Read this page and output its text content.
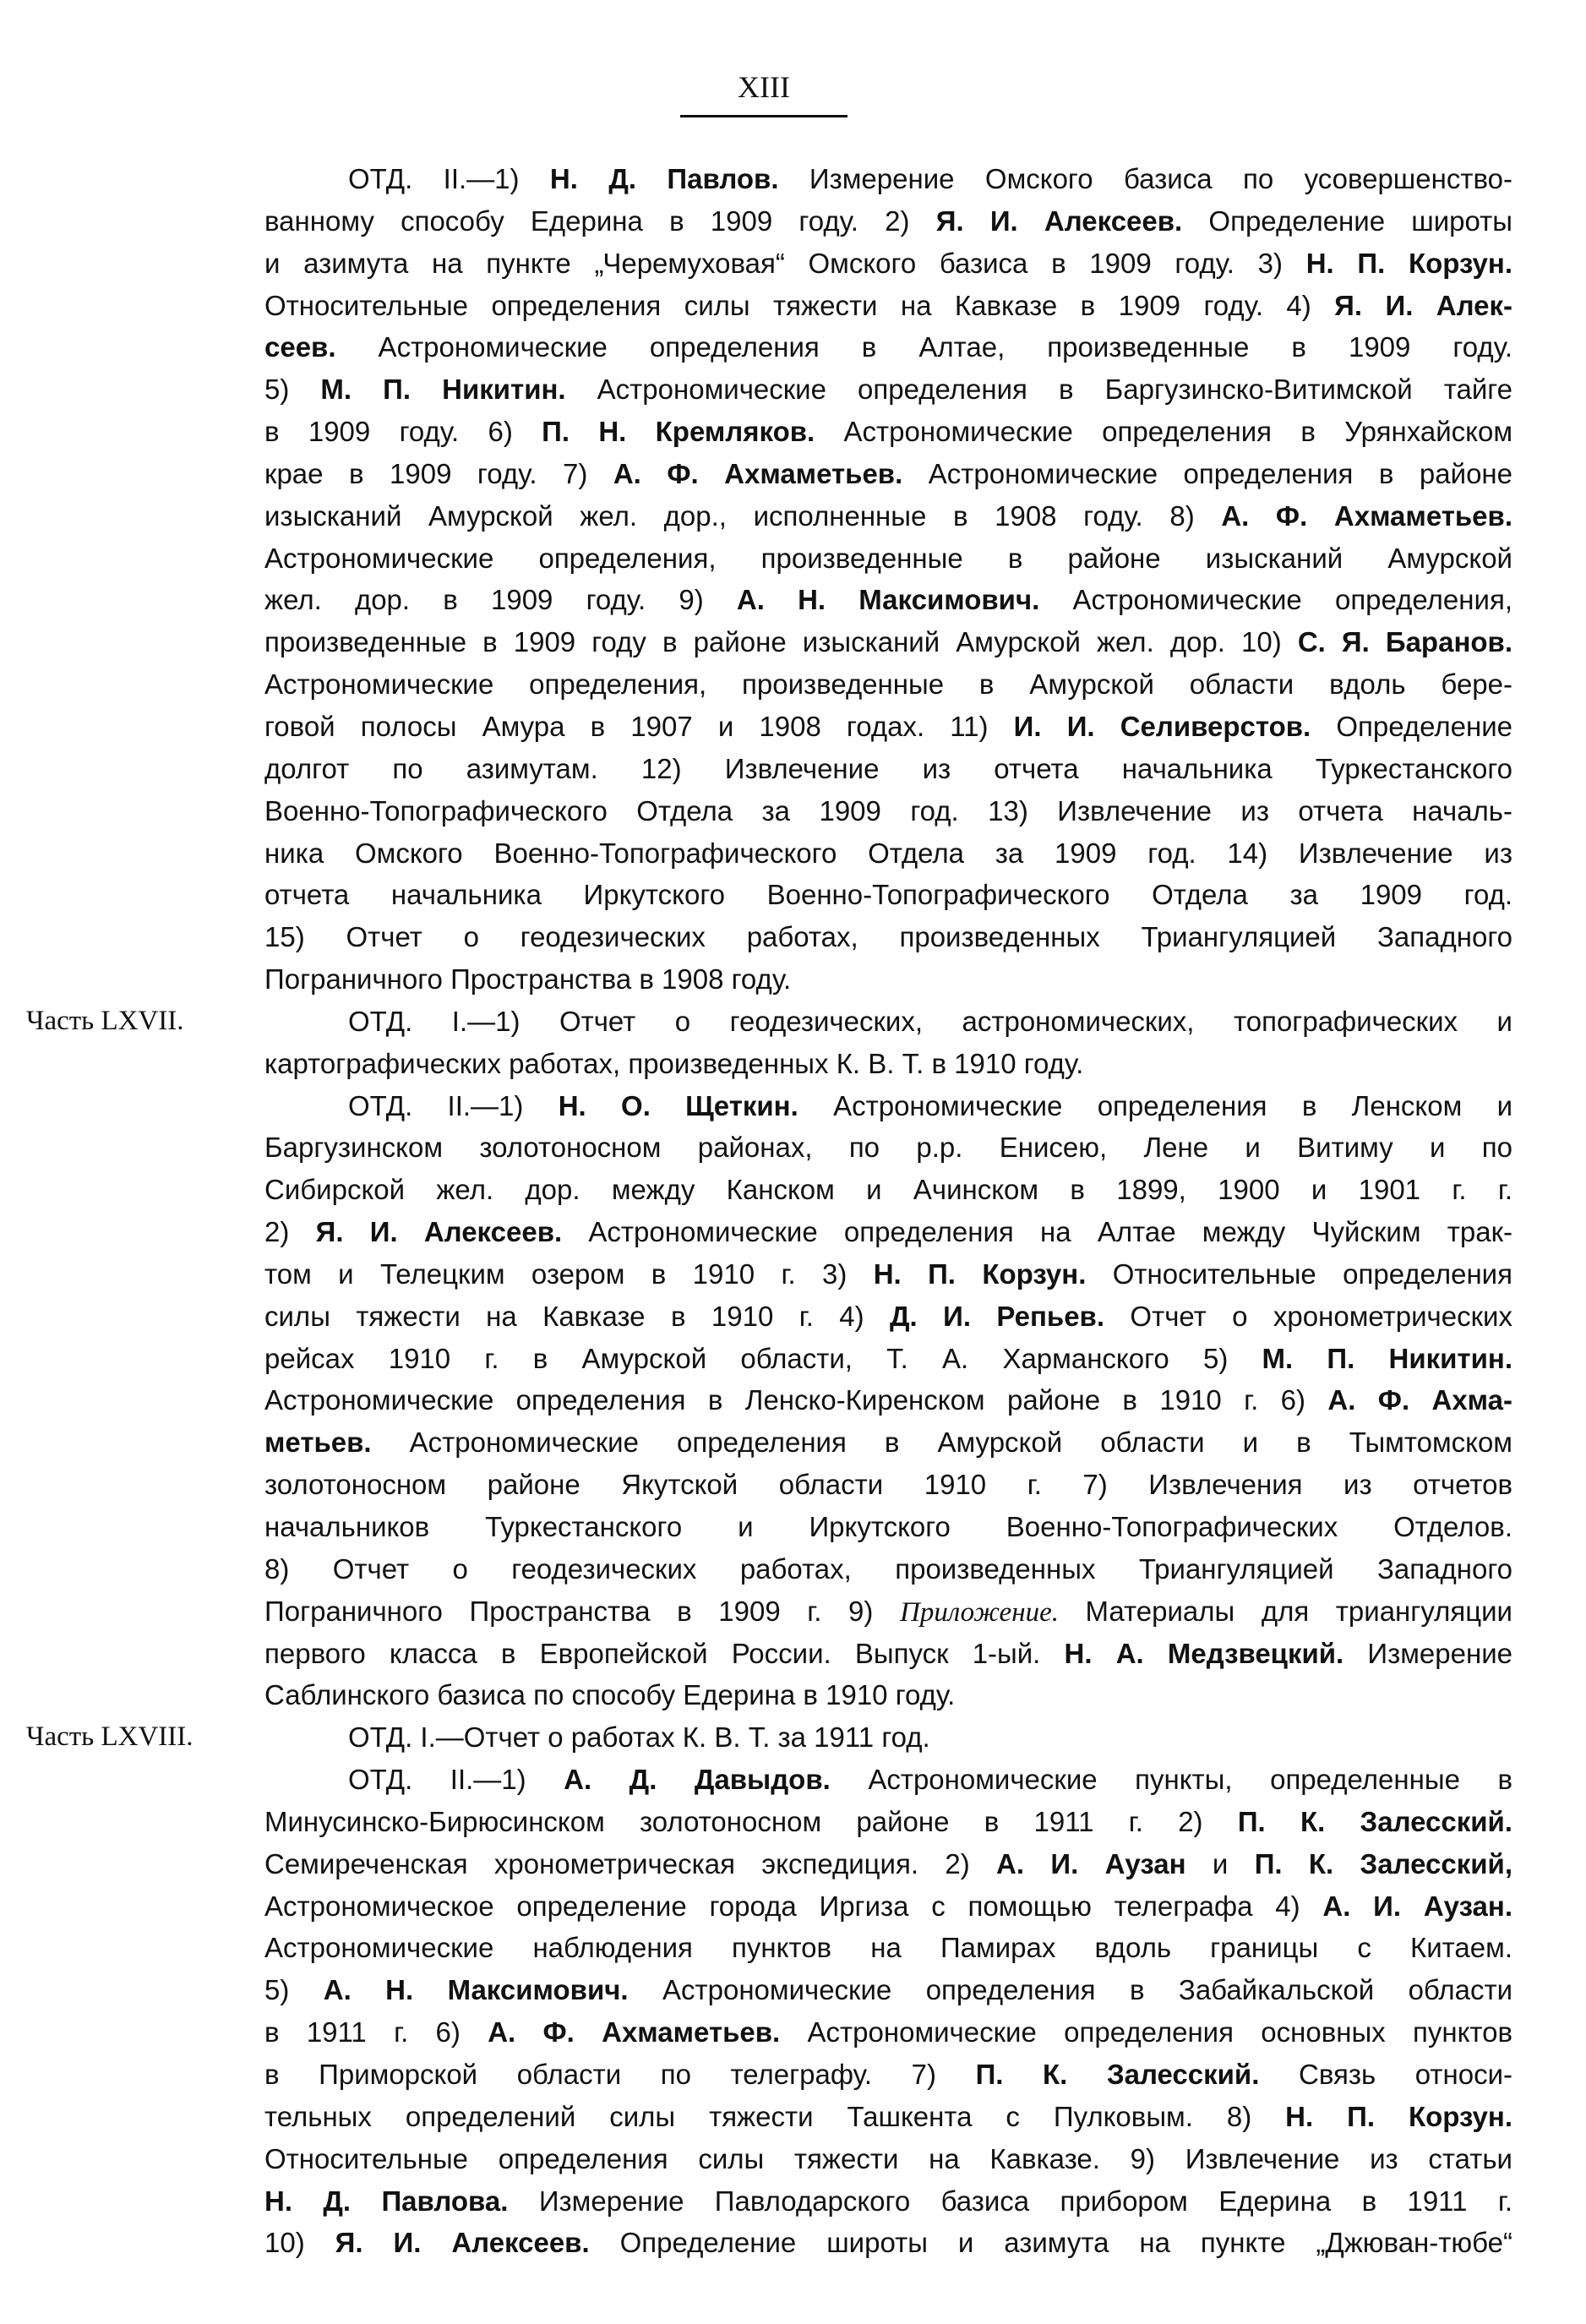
XIII
ОТД. II.—1) Н. Д. Павлов. Измерение Омского базиса по усовершенство-
ванному способу Едерина в 1909 году. 2) Я. И. Алексеев. Определение широты
и азимута на пункте „Черемуховая“ Омского базиса в 1909 году. 3) Н. П. Корзун.
Относительные определения силы тяжести на Кавказе в 1909 году. 4) Я. И. Алек-
сеев. Астрономические определения в Алтае, произведенные в 1909 году.
5) М. П. Никитин. Астрономические определения в Баргузинско-Витимской тайге
в 1909 году. 6) П. Н. Кремляков. Астрономические определения в Урянхайском
крае в 1909 году. 7) А. Ф. Ахмаметьев. Астрономические определения в районе
изысканий Амурской жел. дор., исполненные в 1908 году. 8) А. Ф. Ахмаметьев.
Астрономические определения, произведенные в районе изысканий Амурской
жел. дор. в 1909 году. 9) А. Н. Максимович. Астрономические определения,
произведенные в 1909 году в районе изысканий Амурской жел. дор. 10) С. Я. Баранов.
Астрономические определения, произведенные в Амурской области вдоль бере-
говой полосы Амура в 1907 и 1908 годах. 11) И. И. Селиверстов. Определение
долгот по азимутам. 12) Извлечение из отчета начальника Туркестанского
Военно-Топографического Отдела за 1909 год. 13) Извлечение из отчета началь-
ника Омского Военно-Топографического Отдела за 1909 год. 14) Извлечение из
отчета начальника Иркутского Военно-Топографического Отдела за 1909 год.
15) Отчет о геодезических работах, произведенных Триангуляцией Западного
Пограничного Пространства в 1908 году.
Часть LXVII.	ОТД. I.—1) Отчет о геодезических, астрономических, топографических и
картографических работах, произведенных К. В. Т. в 1910 году.
ОТД. II.—1) Н. О. Щеткин. Астрономические определения в Ленском и
Баргузинском золотоносном районах, по р.р. Енисею, Лене и Витиму и по
Сибирской жел. дор. между Канском и Ачинском в 1899, 1900 и 1901 г. г.
2) Я. И. Алексеев. Астрономические определения на Алтае между Чуйским трак-
том и Телецким озером в 1910 г. 3) Н. П. Корзун. Относительные определения
силы тяжести на Кавказе в 1910 г. 4) Д. И. Репьев. Отчет о хронометрических
рейсах 1910 г. в Амурской области, Т. А. Харманского 5) М. П. Никитин.
Астрономические определения в Ленско-Киренском районе в 1910 г. 6) А. Ф. Ахма-
метьев. Астрономические определения в Амурской области и в Тымтомском
золотоносном районе Якутской области 1910 г. 7) Извлечения из отчетов
начальников Туркестанского и Иркутского Военно-Топографических Отделов.
8) Отчет о геодезических работах, произведенных Триангуляцией Западного
Пограничного Пространства в 1909 г. 9) Приложение. Материалы для триангуляции
первого класса в Европейской России. Выпуск 1-ый. Н. А. Медзвецкий. Измерение
Саблинского базиса по способу Едерина в 1910 году.
Часть LXVIII.	ОТД. I.—Отчет о работах К. В. Т. за 1911 год.
ОТД. II.—1) А. Д. Давыдов. Астрономические пункты, определенные в
Минусинско-Бирюсинском золотоносном районе в 1911 г. 2) П. К. Залесский.
Семиреченская хронометрическая экспедиция. 2) А. И. Аузан и П. К. Залесский,
Астрономическое определение города Иргиза с помощью телеграфа 4) А. И. Аузан.
Астрономические наблюдения пунктов на Памирах вдоль границы с Китаем.
5) А. Н. Максимович. Астрономические определения в Забайкальской области
в 1911 г. 6) А. Ф. Ахмаметьев. Астрономические определения основных пунктов
в Приморской области по телеграфу. 7) П. К. Залесский. Связь относи-
тельных определений силы тяжести Ташкента с Пулковым. 8) Н. П. Корзун.
Относительные определения силы тяжести на Кавказе. 9) Извлечение из статьи
Н. Д. Павлова. Измерение Павлодарского базиса прибором Едерина в 1911 г.
10) Я. И. Алексеев. Определение широты и азимута на пункте „Джюван-тюбе“
